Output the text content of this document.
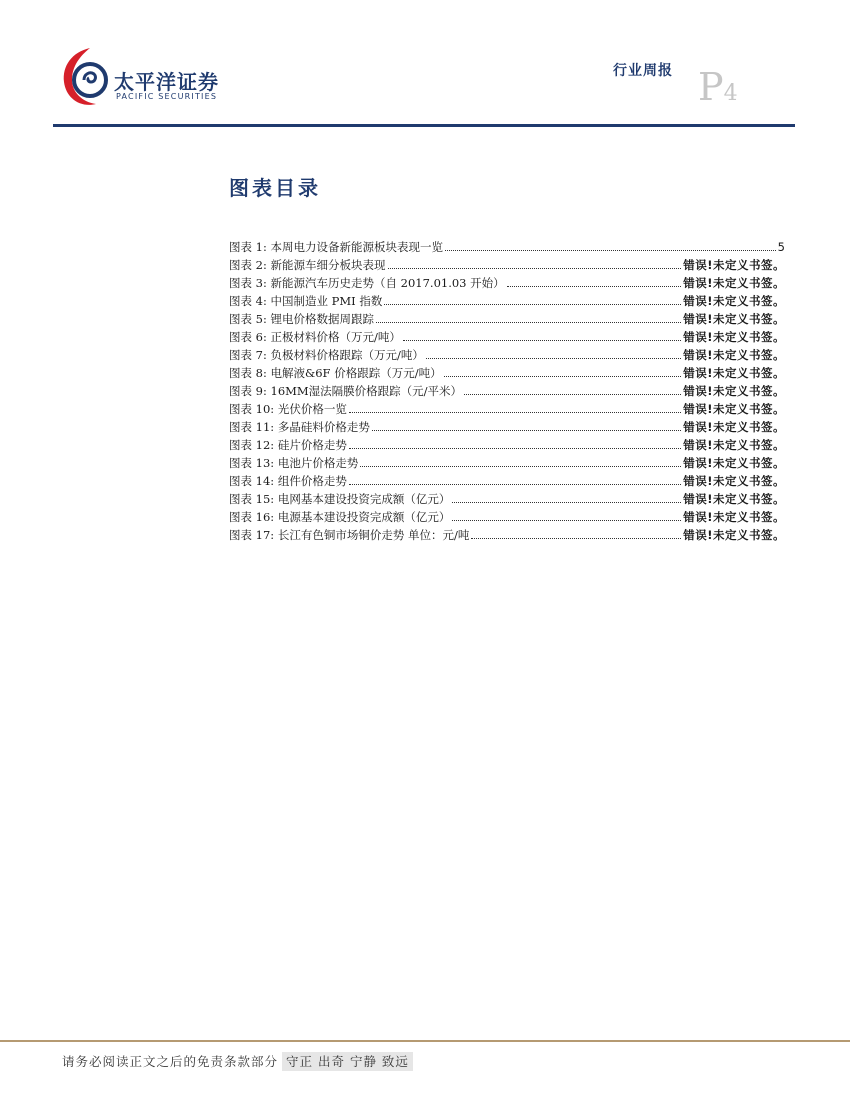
太平洋证券
PACIFIC SECURITIES
行业周报 P4
图表目录
图表 1: 本周电力设备新能源板块表现一览	5
图表 2: 新能源车细分板块表现	错误!未定义书签。
图表 3: 新能源汽车历史走势（自 2017.01.03 开始）	错误!未定义书签。
图表 4: 中国制造业 PMI 指数	错误!未定义书签。
图表 5: 锂电价格数据周跟踪	错误!未定义书签。
图表 6: 正极材料价格（万元/吨）	错误!未定义书签。
图表 7: 负极材料价格跟踪（万元/吨）	错误!未定义书签。
图表 8: 电解液&6F 价格跟踪（万元/吨）	错误!未定义书签。
图表 9: 16MM湿法隔膜价格跟踪（元/平米）	错误!未定义书签。
图表 10: 光伏价格一览	错误!未定义书签。
图表 11: 多晶硅料价格走势	错误!未定义书签。
图表 12: 硅片价格走势	错误!未定义书签。
图表 13: 电池片价格走势	错误!未定义书签。
图表 14: 组件价格走势	错误!未定义书签。
图表 15: 电网基本建设投资完成额（亿元）	错误!未定义书签。
图表 16: 电源基本建设投资完成额（亿元）	错误!未定义书签。
图表 17: 长江有色铜市场铜价走势 单位：元/吨	错误!未定义书签。
请务必阅读正文之后的免责条款部分 守正 出奇 宁静 致远
